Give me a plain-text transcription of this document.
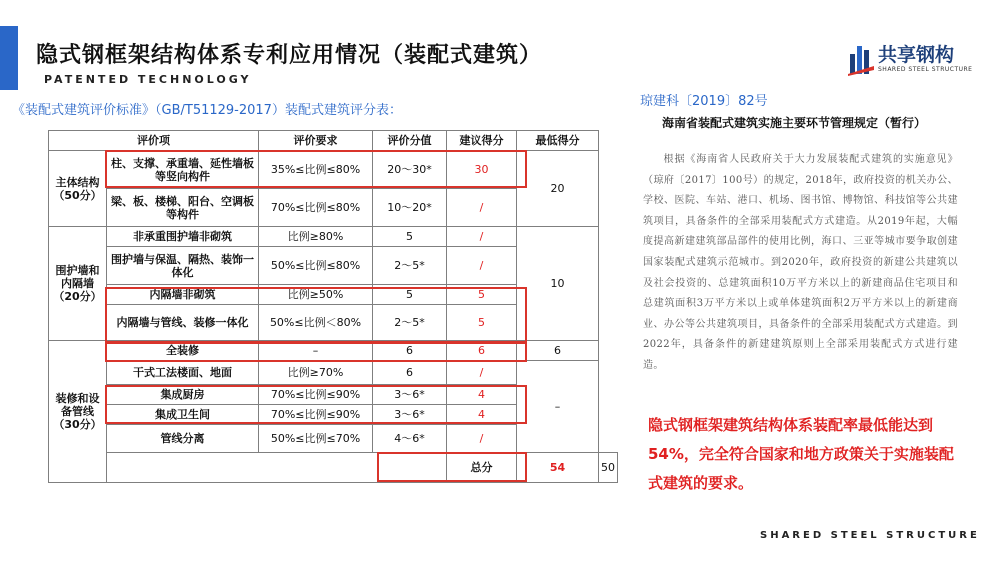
隐式钢框架结构体系专利应用情况（装配式建筑）
PATENTED TECHNOLOGY
共享钢构
SHARED STEEL STRUCTURE
《装配式建筑评价标准》（GB/T51129-2017）装配式建筑评分表：
评价项		评价要求	评价分值	建议得分	最低得分	
主体结构（50分）	柱、支撑、承重墙、延性墙板等竖向构件	35%≤比例≤80%	20～30*	30	20	
	梁、板、楼梯、阳台、空调板等构件	70%≤比例≤80%	10～20*	/		
围护墙和内隔墙（20分）	非承重围护墙非砌筑	比例≥80%	5	/	10	
	围护墙与保温、隔热、装饰一体化	50%≤比例≤80%	2～5*	/		
	内隔墙非砌筑	比例≥50%	5	5		
	内隔墙与管线、装修一体化	50%≤比例＜80%	2～5*	5		
装修和设备管线（30分）	全装修	–	6	6	6	
	干式工法楼面、地面	比例≥70%	6	/	–	
	集成厨房	70%≤比例≤90%	3～6*	4		
	集成卫生间	70%≤比例≤90%	3～6*	4		
	管线分离	50%≤比例≤70%	4～6*	/		
				总分	54	50
琼建科〔2019〕82号
海南省装配式建筑实施主要环节管理规定（暂行）
根据《海南省人民政府关于大力发展装配式建筑的实施意见》（琼府〔2017〕100号）的规定，2018年，政府投资的机关办公、学校、医院、车站、港口、机场、图书馆、博物馆、科技馆等公共建筑项目，具备条件的全部采用装配式方式建造。从2019年起，大幅度提高新建建筑部品部件的使用比例，海口、三亚等城市要争取创建国家装配式建筑示范城市。到2020年，政府投资的新建公共建筑以及社会投资的、总建筑面积10万平方米以上的新建商品住宅项目和总建筑面积3万平方米以上或单体建筑面积2万平方米以上的新建商业、办公等公共建筑项目，具备条件的全部采用装配式方式建造。到2022年，具备条件的新建建筑原则上全部采用装配式方式进行建造。
隐式钢框架建筑结构体系装配率最低能达到54%，完全符合国家和地方政策关于实施装配式建筑的要求。
SHARED STEEL STRUCTURE
